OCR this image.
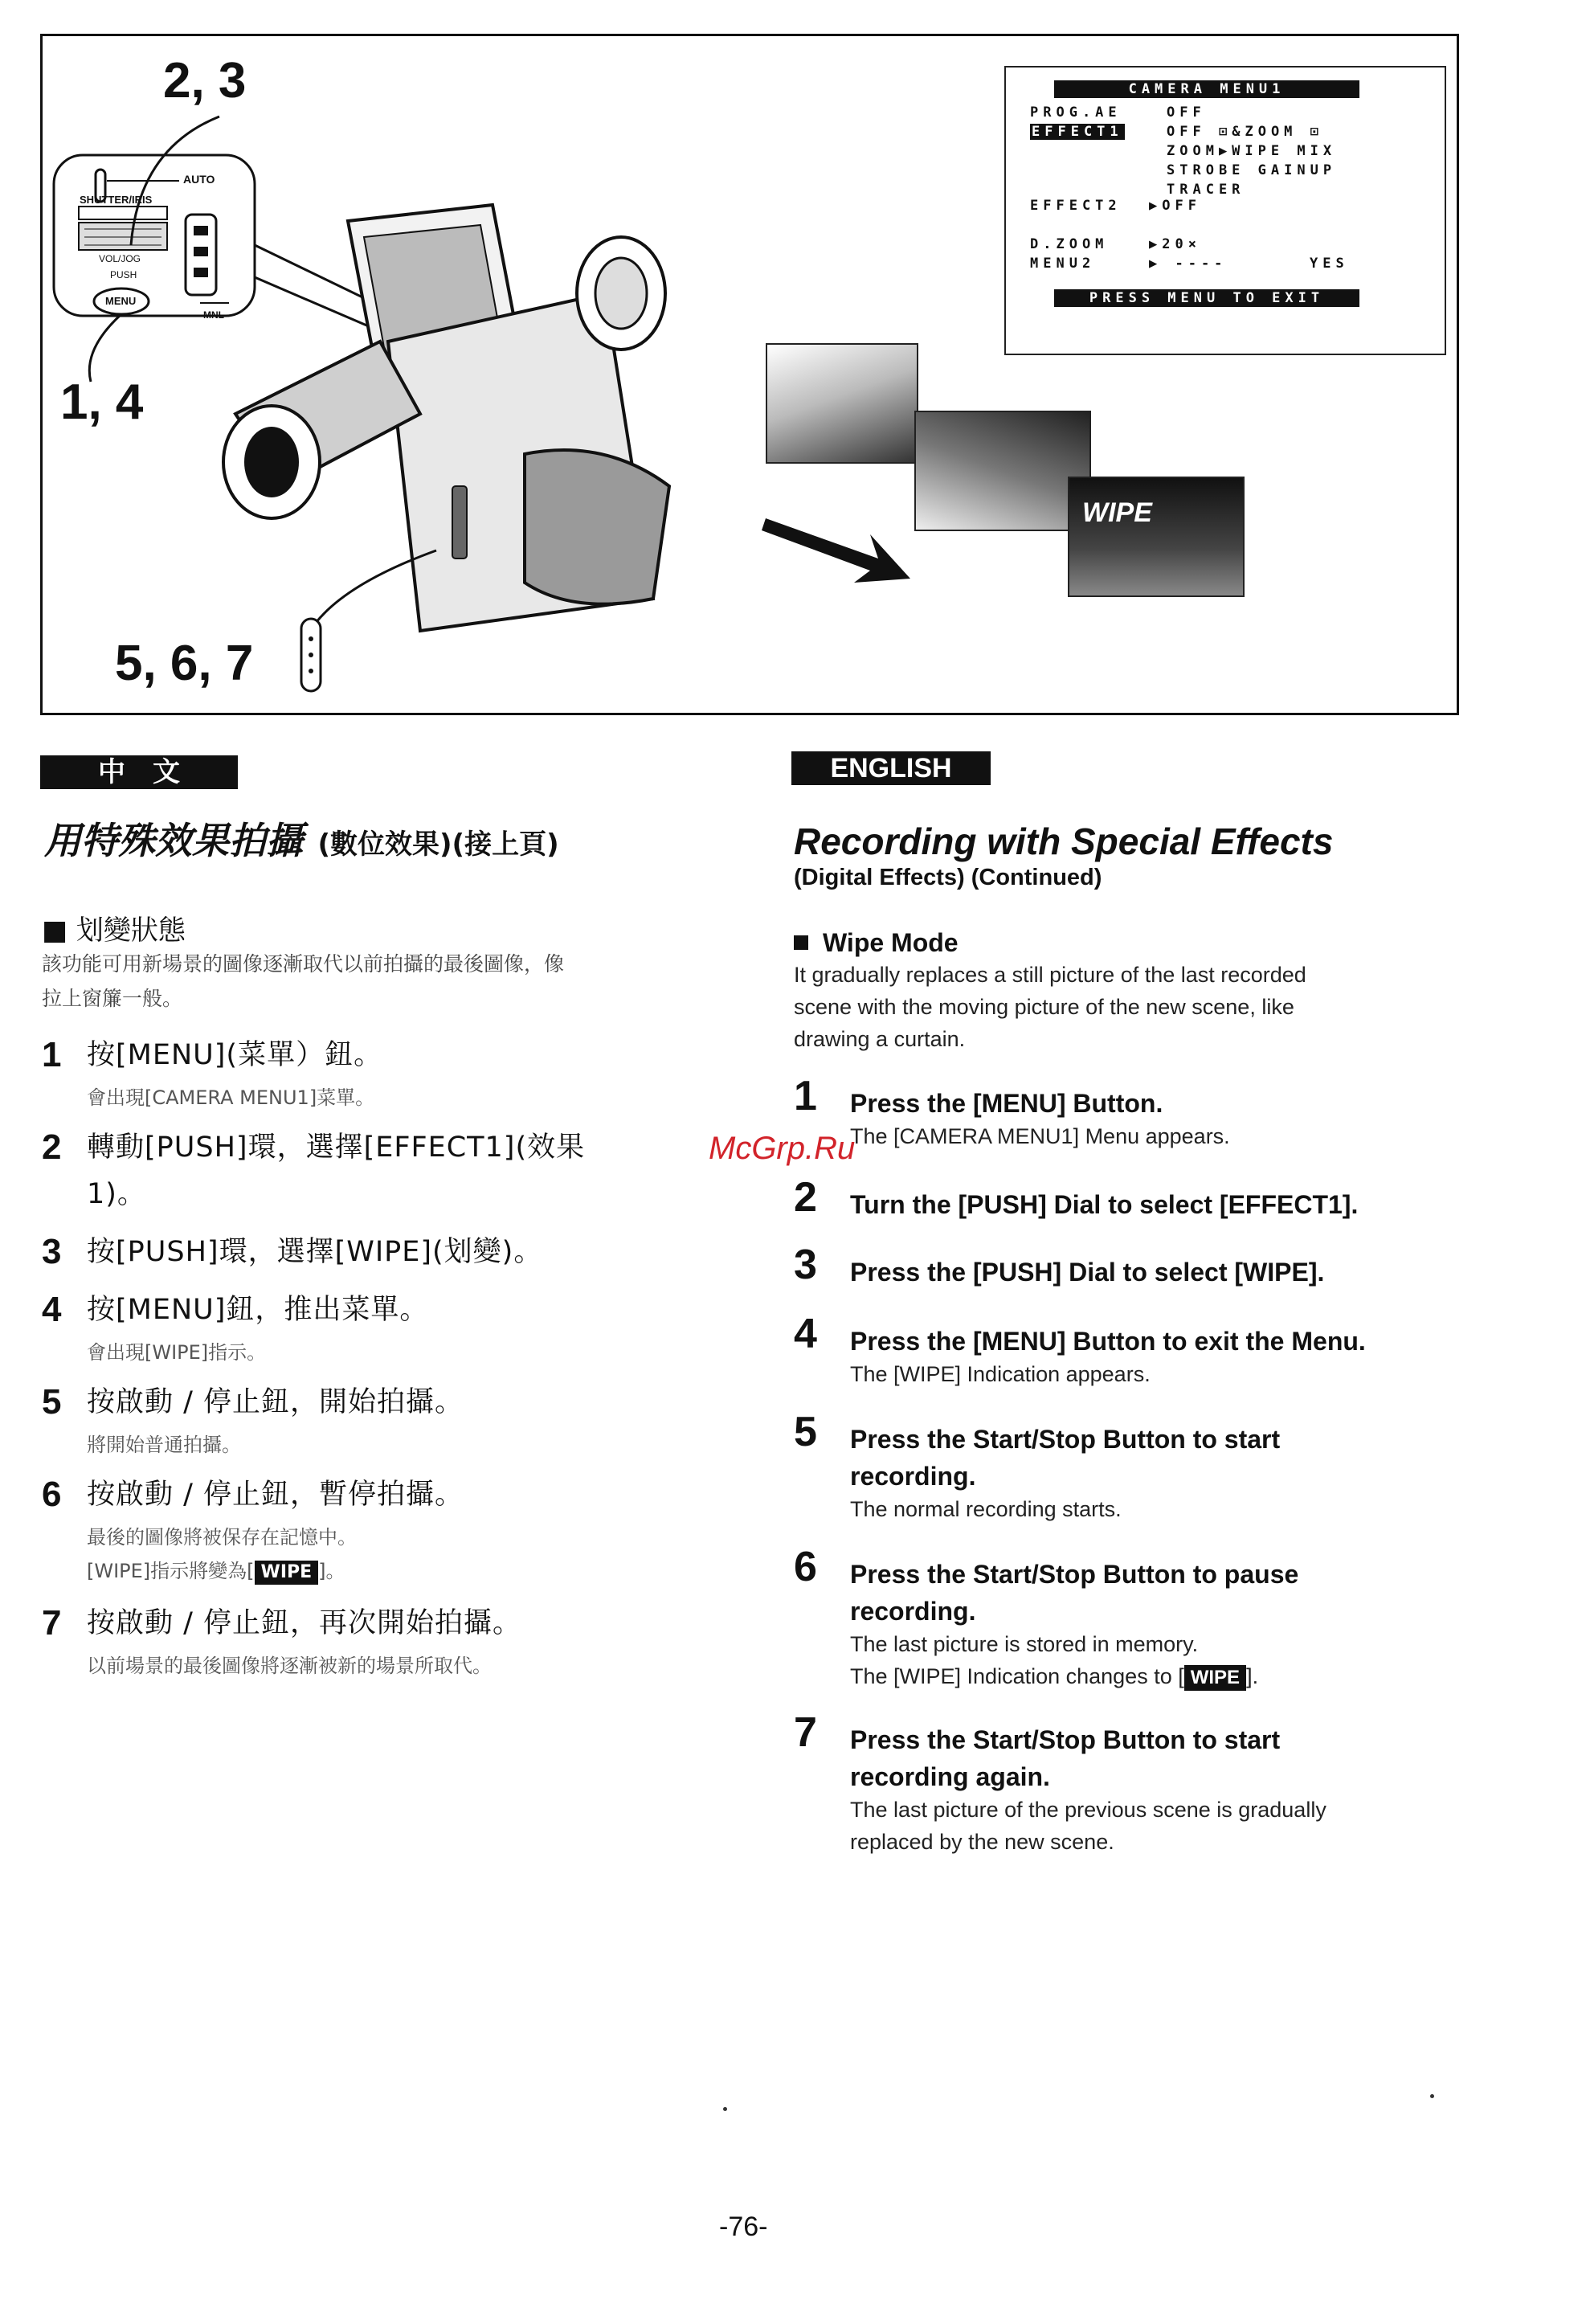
2, 3
1, 4
5, 6, 7
AUTO
SHUTTER/IRIS
VOL/JOG
PUSH
MENU
MNL
WIPE
CAMERA MENU1
PROG.AE	OFF
EFFECT1	OFF ⊡&ZOOM ⊡
ZOOM▶WIPE MIX
STROBE GAINUP
TRACER
EFFECT2 ▶OFF
D.ZOOM	▶20×
MENU2	▶ ----	YES
PRESS MENU TO EXIT
中　文
用特殊效果拍攝 (數位效果)(接上頁)
■ 划變狀態
該功能可用新場景的圖像逐漸取代以前拍攝的最後圖像，像
拉上窗簾一般。
1 按[MENU](菜單）鈕。
會出現[CAMERA MENU1]菜單。
2 轉動[PUSH]環，選擇[EFFECT1](效果
1)。
3 按[PUSH]環，選擇[WIPE](划變)。
4 按[MENU]鈕，推出菜單。
會出現[WIPE]指示。
5 按啟動 / 停止鈕，開始拍攝。
將開始普通拍攝。
6 按啟動 / 停止鈕，暫停拍攝。
最後的圖像將被保存在記憶中。
[WIPE]指示將變為[ WIPE ]。
7 按啟動 / 停止鈕，再次開始拍攝。
以前場景的最後圖像將逐漸被新的場景所取代。
ENGLISH
Recording with Special Effects
(Digital Effects) (Continued)
Wipe Mode
It gradually replaces a still picture of the last recorded
scene with the moving picture of the new scene, like
drawing a curtain.
1 Press the [MENU] Button.
The [CAMERA MENU1] Menu appears.
2 Turn the [PUSH] Dial to select [EFFECT1].
3 Press the [PUSH] Dial to select [WIPE].
4 Press the [MENU] Button to exit the Menu.
The [WIPE] Indication appears.
5 Press the Start/Stop Button to start
recording.
The normal recording starts.
6 Press the Start/Stop Button to pause
recording.
The last picture is stored in memory.
The [WIPE] Indication changes to [ WIPE ].
7 Press the Start/Stop Button to start
recording again.
The last picture of the previous scene is gradually
replaced by the new scene.
McGrp.Ru
-76-
